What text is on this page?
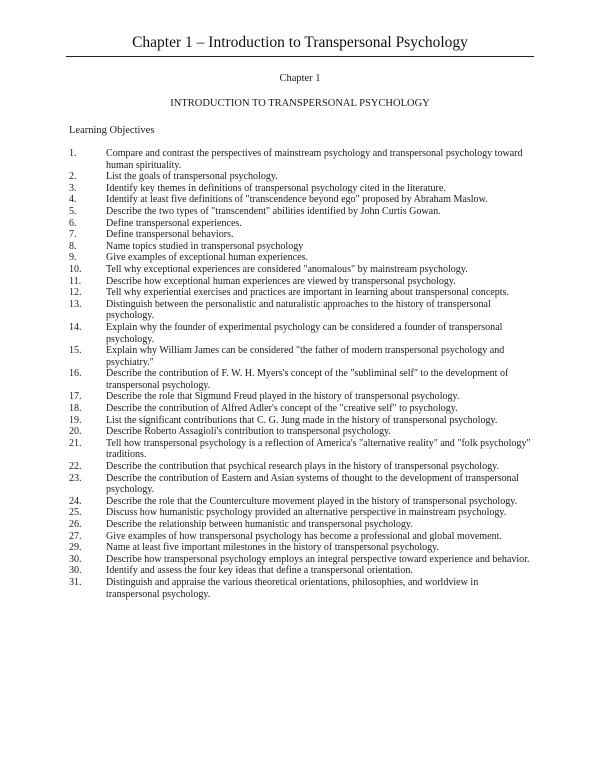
Chapter 1 – Introduction to Transpersonal Psychology
Chapter 1
INTRODUCTION TO TRANSPERSONAL PSYCHOLOGY
Learning Objectives
1.	Compare and contrast the perspectives of mainstream psychology and transpersonal psychology toward human spirituality.
2.	List the goals of transpersonal psychology.
3.	Identify key themes in definitions of transpersonal psychology cited in the literature.
4.	Identify at least five definitions of "transcendence beyond ego" proposed by Abraham Maslow.
5.	Describe the two types of "transcendent" abilities identified by John Curtis Gowan.
6.	Define transpersonal experiences.
7.	Define transpersonal behaviors.
8.	Name topics studied in transpersonal psychology
9.	Give examples of exceptional human experiences.
10.	Tell why exceptional experiences are considered "anomalous" by mainstream psychology.
11.	Describe how exceptional human experiences are viewed by transpersonal psychology.
12.	Tell why experiential exercises and practices are important in learning about transpersonal concepts.
13.	Distinguish between the personalistic and naturalistic approaches to the history of transpersonal psychology.
14.	Explain why the founder of experimental psychology can be considered a founder of transpersonal psychology.
15.	Explain why William James can be considered "the father of modern transpersonal psychology and psychiatry."
16.	Describe the contribution of F. W. H. Myers's concept of the "subliminal self" to the development of transpersonal psychology.
17.	Describe the role that Sigmund Freud played in the history of transpersonal psychology.
18.	Describe the contribution of Alfred Adler's concept of the "creative self" to psychology.
19.	List the significant contributions that C. G. Jung made in the history of transpersonal psychology.
20.	Describe Roberto Assagioli's contribution to transpersonal psychology.
21.	Tell how transpersonal psychology is a reflection of America's "alternative reality" and "folk psychology" traditions.
22.	Describe the contribution that psychical research plays in the history of transpersonal psychology.
23.	Describe the contribution of Eastern and Asian systems of thought to the development of transpersonal psychology.
24.	Describe the role that the Counterculture movement played in the history of transpersonal psychology.
25.	Discuss how humanistic psychology provided an alternative perspective in mainstream psychology.
26.	Describe the relationship between humanistic and transpersonal psychology.
27.	Give examples of how transpersonal psychology has become a professional and global movement.
29.	Name at least five important milestones in the history of transpersonal psychology.
30.	Describe how transpersonal psychology employs an integral perspective toward experience and behavior.
30.	Identify and assess the four key ideas that define a transpersonal orientation.
31.	Distinguish and appraise the various theoretical orientations, philosophies, and worldview in transpersonal psychology.
